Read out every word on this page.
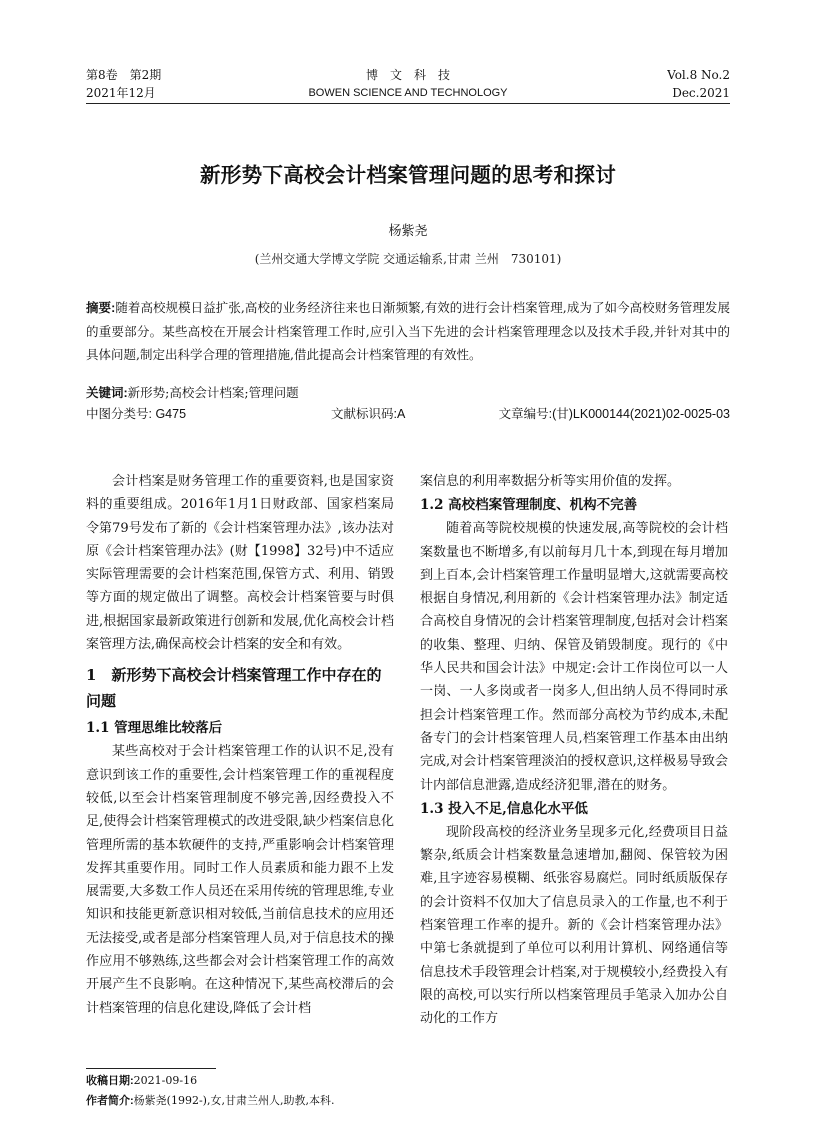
第8卷　第2期
2021年12月
博　文　科　技
BOWEN SCIENCE AND TECHNOLOGY
Vol.8 No.2
Dec.2021
新形势下高校会计档案管理问题的思考和探讨
杨紫尧
(兰州交通大学博文学院 交通运输系,甘肃 兰州　730101)
摘要:随着高校规模日益扩张,高校的业务经济往来也日渐频繁,有效的进行会计档案管理,成为了如今高校财务管理发展的重要部分。某些高校在开展会计档案管理工作时,应引入当下先进的会计档案管理理念以及技术手段,并针对其中的具体问题,制定出科学合理的管理措施,借此提高会计档案管理的有效性。
关键词:新形势;高校会计档案;管理问题
中图分类号: G475	文献标识码:A	文章编号:(甘)LK000144(2021)02-0025-03

会计档案是财务管理工作的重要资料,也是国家资料的重要组成。2016年1月1日财政部、国家档案局令第79号发布了新的《会计档案管理办法》,该办法对原《会计档案管理办法》(财【1998】32号)中不适应实际管理需要的会计档案范围,保管方式、利用、销毁等方面的规定做出了调整。高校会计档案管要与时俱进,根据国家最新政策进行创新和发展,优化高校会计档案管理方法,确保高校会计档案的安全和有效。

1　新形势下高校会计档案管理工作中存在的问题
1.1 管理思维比较落后

某些高校对于会计档案管理工作的认识不足,没有意识到该工作的重要性,会计档案管理工作的重视程度较低,以至会计档案管理制度不够完善,因经费投入不足,使得会计档案管理模式的改进受限,缺少档案信息化管理所需的基本软硬件的支持,严重影响会计档案管理发挥其重要作用。同时工作人员素质和能力跟不上发展需要,大多数工作人员还在采用传统的管理思维,专业知识和技能更新意识相对较低,当前信息技术的应用还无法接受,或者是部分档案管理人员,对于信息技术的操作应用不够熟练,这些都会对会计档案管理工作的高效开展产生不良影响。在这种情况下,某些高校滞后的会计档案管理的信息化建设,降低了会计档

案信息的利用率数据分析等实用价值的发挥。

1.2 高校档案管理制度、机构不完善

随着高等院校规模的快速发展,高等院校的会计档案数量也不断增多,有以前每月几十本,到现在每月增加到上百本,会计档案管理工作量明显增大,这就需要高校根据自身情况,利用新的《会计档案管理办法》制定适合高校自身情况的会计档案管理制度,包括对会计档案的收集、整理、归纳、保管及销毁制度。现行的《中华人民共和国会计法》中规定:会计工作岗位可以一人一岗、一人多岗或者一岗多人,但出纳人员不得同时承担会计档案管理工作。然而部分高校为节约成本,未配备专门的会计档案管理人员,档案管理工作基本由出纳完成,对会计档案管理淡泊的授权意识,这样极易导致会计内部信息泄露,造成经济犯罪,潜在的财务。

1.3 投入不足,信息化水平低

现阶段高校的经济业务呈现多元化,经费项目日益繁杂,纸质会计档案数量急速增加,翻阅、保管较为困难,且字迹容易模糊、纸张容易腐烂。同时纸质版保存的会计资料不仅加大了信息员录入的工作量,也不利于档案管理工作率的提升。新的《会计档案管理办法》中第七条就提到了单位可以利用计算机、网络通信等信息技术手段管理会计档案,对于规模较小,经费投入有限的高校,可以实行所以档案管理员手笔录入加办公自动化的工作方

收稿日期:2021-09-16
作者简介:杨紫尧(1992-),女,甘肃兰州人,助教,本科.
